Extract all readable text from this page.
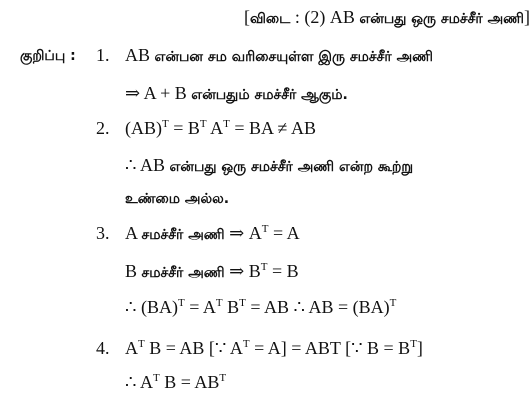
[விடை : (2) AB என்பது ஒரு சமச்சீர் அணி]
குறிப்பு : 1. AB என்பன சம வரிசையுள்ள இரு சமச்சீர் அணி
⇒ A + B என்பதும் சமச்சீர் ஆகும்.
2. $(AB)^T = B^T$ $A^T$ = BA ≠ AB
∴ AB என்பது ஒரு சமச்சீர் அணி என்ற கூற்று
உண்மை அல்ல.
3. A சமச்சீர் அணி ⇒ $A^T = A$
B சமச்சீர் அணி ⇒ $B^T = B$
∴ $(BA)^T = A^T$ $B^T$ = AB ∴ AB = (BA)$^T$
4. $A^T$ B = AB [∵ $A^T = A$] = ABT [∵ $B = B^T$]
∴ $A^T$ $B = AB^T$
